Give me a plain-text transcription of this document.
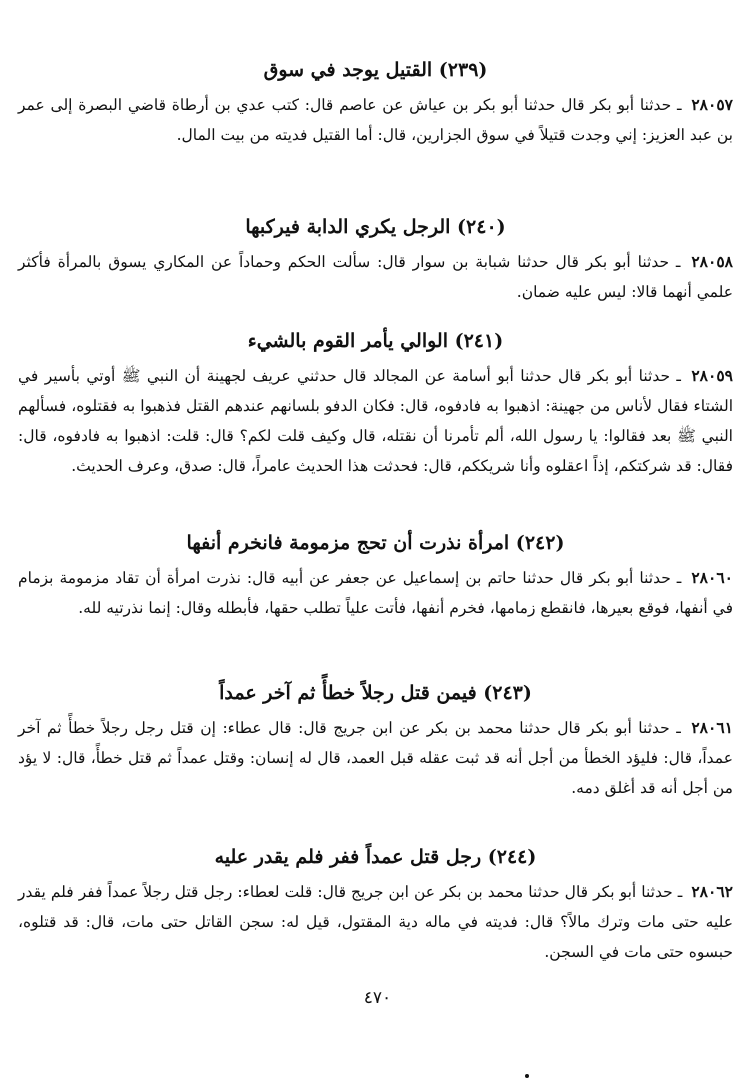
(٢٣٩) القتيل يوجد في سوق

٢٨٠٥٧ ـ حدثنا أبو بكر قال حدثنا أبو بكر بن عياش عن عاصم قال: كتب عدي بن أرطاة قاضي البصرة إلى عمر بن عبد العزيز: إني وجدت قتيلاً في سوق الجزارين، قال: أما القتيل فديته من بيت المال.

(٢٤٠) الرجل يكري الدابة فيركبها

٢٨٠٥٨ ـ حدثنا أبو بكر قال حدثنا شبابة بن سوار قال: سألت الحكم وحماداً عن المكاري يسوق بالمرأة فأكثر علمي أنهما قالا: ليس عليه ضمان.

(٢٤١) الوالي يأمر القوم بالشيء

٢٨٠٥٩ ـ حدثنا أبو بكر قال حدثنا أبو أسامة عن المجالد قال حدثني عريف لجهينة أن النبي ﷺ أوتي بأسير في الشتاء فقال لأناس من جهينة: اذهبوا به فادفوه، قال: فكان الدفو بلسانهم عندهم القتل فذهبوا به فقتلوه، فسألهم النبي ﷺ بعد فقالوا: يا رسول الله، ألم تأمرنا أن نقتله، قال وكيف قلت لكم؟ قال: قلت: اذهبوا به فادفوه، قال: فقال: قد شركتكم، إذاً اعقلوه وأنا شريككم، قال: فحدثت هذا الحديث عامراً، قال: صدق، وعرف الحديث.

(٢٤٢) امرأة نذرت أن تحج مزمومة فانخرم أنفها

٢٨٠٦٠ ـ حدثنا أبو بكر قال حدثنا حاتم بن إسماعيل عن جعفر عن أبيه قال: نذرت امرأة أن تقاد مزمومة بزمام في أنفها، فوقع بعيرها، فانقطع زمامها، فخرم أنفها، فأتت علياً تطلب حقها، فأبطله وقال: إنما نذرتيه لله.

(٢٤٣) فيمن قتل رجلاً خطأً ثم آخر عمداً

٢٨٠٦١ ـ حدثنا أبو بكر قال حدثنا محمد بن بكر عن ابن جريج قال: قال عطاء: إن قتل رجل رجلاً خطأً ثم آخر عمداً، قال: فليؤد الخطأ من أجل أنه قد ثبت عقله قبل العمد، قال له إنسان: وقتل عمداً ثم قتل خطأً، قال: لا يؤد من أجل أنه قد أغلق دمه.

(٢٤٤) رجل قتل عمداً ففر فلم يقدر عليه

٢٨٠٦٢ ـ حدثنا أبو بكر قال حدثنا محمد بن بكر عن ابن جريج قال: قلت لعطاء: رجل قتل رجلاً عمداً ففر فلم يقدر عليه حتى مات وترك مالاً؟ قال: فديته في ماله دية المقتول، قيل له: سجن القاتل حتى مات، قال: قد قتلوه، حبسوه حتى مات في السجن.

٤٧٠
